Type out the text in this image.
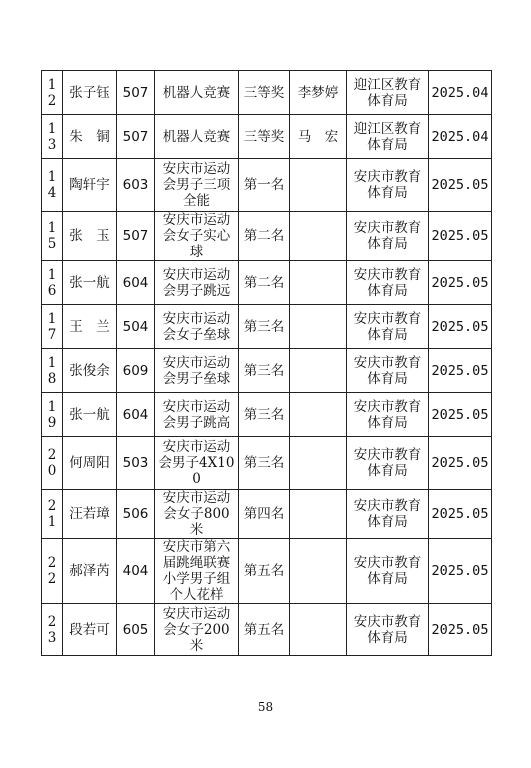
12	张子钰	507	机器人竞赛	三等奖	李梦婷	迎江区教育体育局	2025.04
13	朱　铜	507	机器人竞赛	三等奖	马　宏	迎江区教育体育局	2025.04
14	陶轩宇	603	安庆市运动会男子三项全能	第一名		安庆市教育体育局	2025.05
15	张　玉	507	安庆市运动会女子实心球	第二名		安庆市教育体育局	2025.05
16	张一航	604	安庆市运动会男子跳远	第二名		安庆市教育体育局	2025.05
17	王　兰	504	安庆市运动会女子垒球	第三名		安庆市教育体育局	2025.05
18	张俊余	609	安庆市运动会男子垒球	第三名		安庆市教育体育局	2025.05
19	张一航	604	安庆市运动会男子跳高	第三名		安庆市教育体育局	2025.05
20	何周阳	503	安庆市运动会男子4X100	第三名		安庆市教育体育局	2025.05
21	汪若璋	506	安庆市运动会女子800米	第四名		安庆市教育体育局	2025.05
22	郝泽芮	404	安庆市第六届跳绳联赛小学男子组个人花样	第五名		安庆市教育体育局	2025.05
23	段若可	605	安庆市运动会女子200米	第五名		安庆市教育体育局	2025.05
58
